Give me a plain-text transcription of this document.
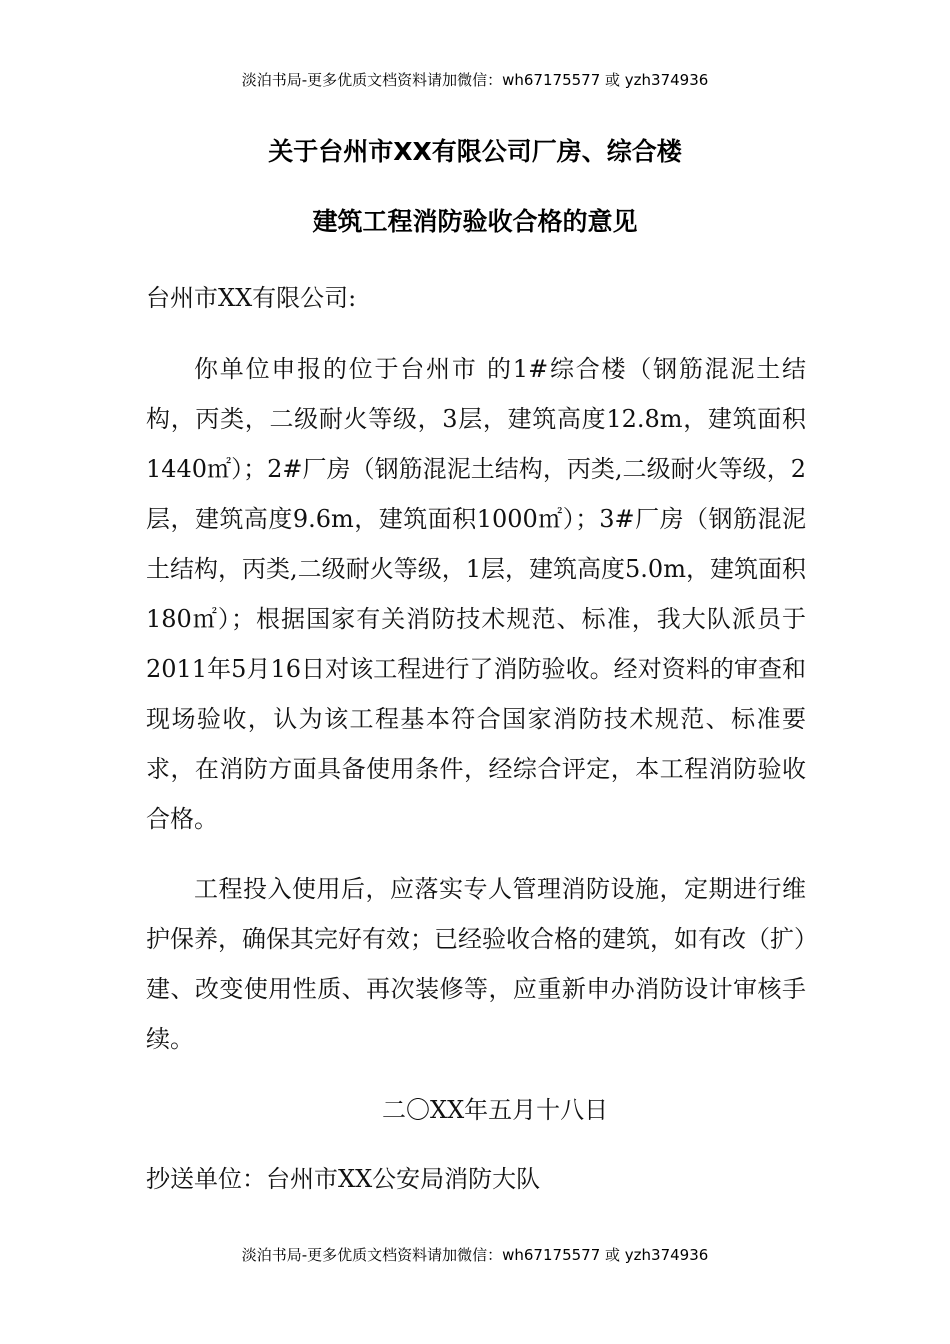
淡泊书局-更多优质文档资料请加微信：wh67175577 或 yzh374936
关于台州市XX有限公司厂房、综合楼
建筑工程消防验收合格的意见
台州市XX有限公司:

你单位申报的位于台州市 的1#综合楼（钢筋混泥土结构，丙类，二级耐火等级，3层，建筑高度12.8m，建筑面积1440㎡）；2#厂房（钢筋混泥土结构，丙类,二级耐火等级，2层，建筑高度9.6m，建筑面积1000㎡）；3#厂房（钢筋混泥土结构，丙类,二级耐火等级，1层，建筑高度5.0m，建筑面积180㎡）；根据国家有关消防技术规范、标准，我大队派员于2011年5月16日对该工程进行了消防验收。经对资料的审查和现场验收，认为该工程基本符合国家消防技术规范、标准要求，在消防方面具备使用条件，经综合评定，本工程消防验收合格。

工程投入使用后，应落实专人管理消防设施，定期进行维护保养，确保其完好有效；已经验收合格的建筑，如有改（扩）建、改变使用性质、再次装修等，应重新申办消防设计审核手续。

二〇XX年五月十八日
抄送单位：台州市XX公安局消防大队
淡泊书局-更多优质文档资料请加微信：wh67175577 或 yzh374936
